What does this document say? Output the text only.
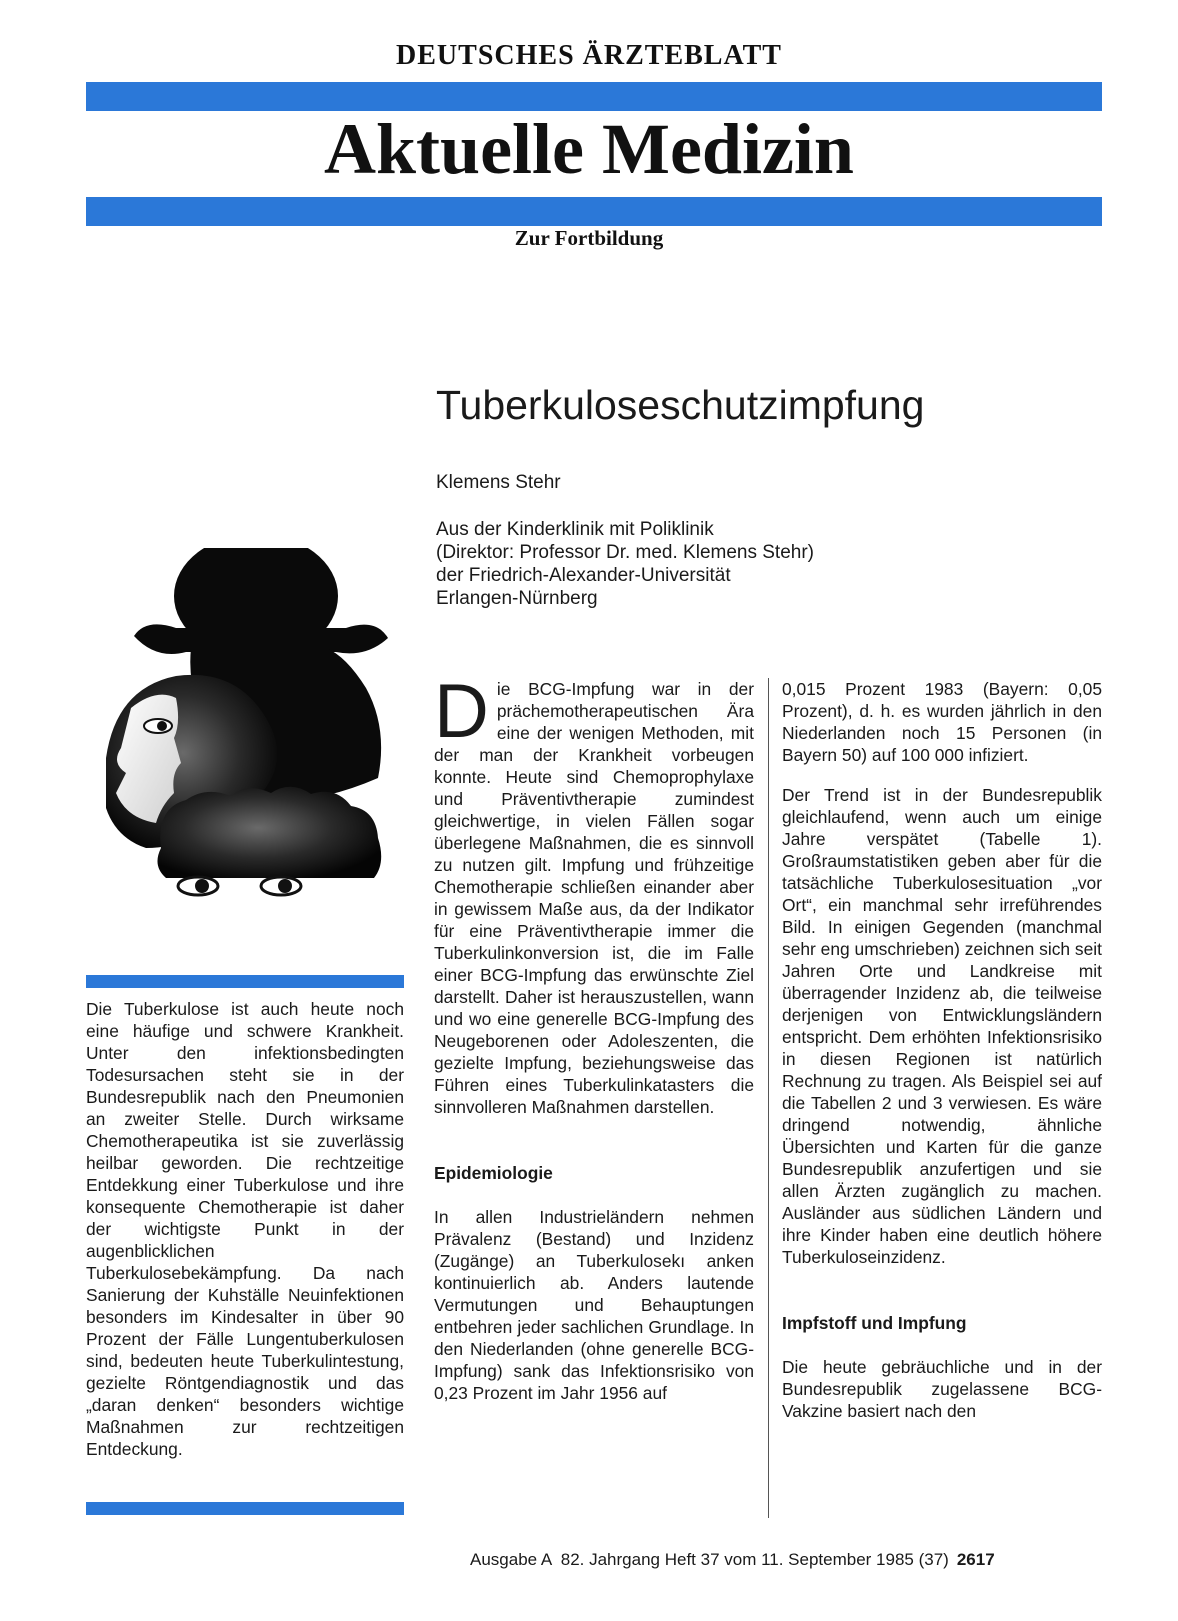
DEUTSCHES ÄRZTEBLATT
Aktuelle Medizin
Zur Fortbildung
Tuberkuloseschutzimpfung
Klemens Stehr
Aus der Kinderklinik mit Poliklinik
(Direktor: Professor Dr. med. Klemens Stehr)
der Friedrich-Alexander-Universität
Erlangen-Nürnberg

Die Tuberkulose ist auch heute noch eine häufige und schwere Krankheit. Unter den infektionsbedingten Todesursachen steht sie in der Bundesrepublik nach den Pneumonien an zweiter Stelle. Durch wirksame Chemotherapeutika ist sie zuverlässig heilbar geworden. Die rechtzeitige Entdekkung einer Tuberkulose und ihre konsequente Chemotherapie ist daher der wichtigste Punkt in der augenblicklichen Tuberkulosebekämpfung. Da nach Sanierung der Kuhställe Neuinfektionen besonders im Kindesalter in über 90 Prozent der Fälle Lungentuberkulosen sind, bedeuten heute Tuberkulintestung, gezielte Röntgendiagnostik und das „daran denken“ besonders wichtige Maßnahmen zur rechtzeitigen Entdeckung.

Die BCG-Impfung war in der prächemotherapeutischen Ära eine der wenigen Methoden, mit der man der Krankheit vorbeugen konnte. Heute sind Chemoprophylaxe und Präventivtherapie zumindest gleichwertige, in vielen Fällen sogar überlegene Maßnahmen, die es sinnvoll zu nutzen gilt. Impfung und frühzeitige Chemotherapie schließen einander aber in gewissem Maße aus, da der Indikator für eine Präventivtherapie immer die Tuberkulinkonversion ist, die im Falle einer BCG-Impfung das erwünschte Ziel darstellt. Daher ist herauszustellen, wann und wo eine generelle BCG-Impfung des Neugeborenen oder Adoleszenten, die gezielte Impfung, beziehungsweise das Führen eines Tuberkulinkatasters die sinnvolleren Maßnahmen darstellen.

Epidemiologie

In allen Industrieländern nehmen Prävalenz (Bestand) und Inzidenz (Zugänge) an Tuberkulosekı anken kontinuierlich ab. Anders lautende Vermutungen und Behauptungen entbehren jeder sachlichen Grundlage. In den Niederlanden (ohne generelle BCG-Impfung) sank das Infektionsrisiko von 0,23 Prozent im Jahr 1956 auf

0,015 Prozent 1983 (Bayern: 0,05 Prozent), d. h. es wurden jährlich in den Niederlanden noch 15 Personen (in Bayern 50) auf 100 000 infiziert.

Der Trend ist in der Bundesrepublik gleichlaufend, wenn auch um einige Jahre verspätet (Tabelle 1). Großraumstatistiken geben aber für die tatsächliche Tuberkulosesituation „vor Ort“, ein manchmal sehr irreführendes Bild. In einigen Gegenden (manchmal sehr eng umschrieben) zeichnen sich seit Jahren Orte und Landkreise mit überragender Inzidenz ab, die teilweise derjenigen von Entwicklungsländern entspricht. Dem erhöhten Infektionsrisiko in diesen Regionen ist natürlich Rechnung zu tragen. Als Beispiel sei auf die Tabellen 2 und 3 verwiesen. Es wäre dringend notwendig, ähnliche Übersichten und Karten für die ganze Bundesrepublik anzufertigen und sie allen Ärzten zugänglich zu machen. Ausländer aus südlichen Ländern und ihre Kinder haben eine deutlich höhere Tuberkuloseinzidenz.

Impfstoff und Impfung

Die heute gebräuchliche und in der Bundesrepublik zugelassene BCG-Vakzine basiert nach den

Ausgabe A  82. Jahrgang Heft 37 vom 11. September 1985 (37) 2617
